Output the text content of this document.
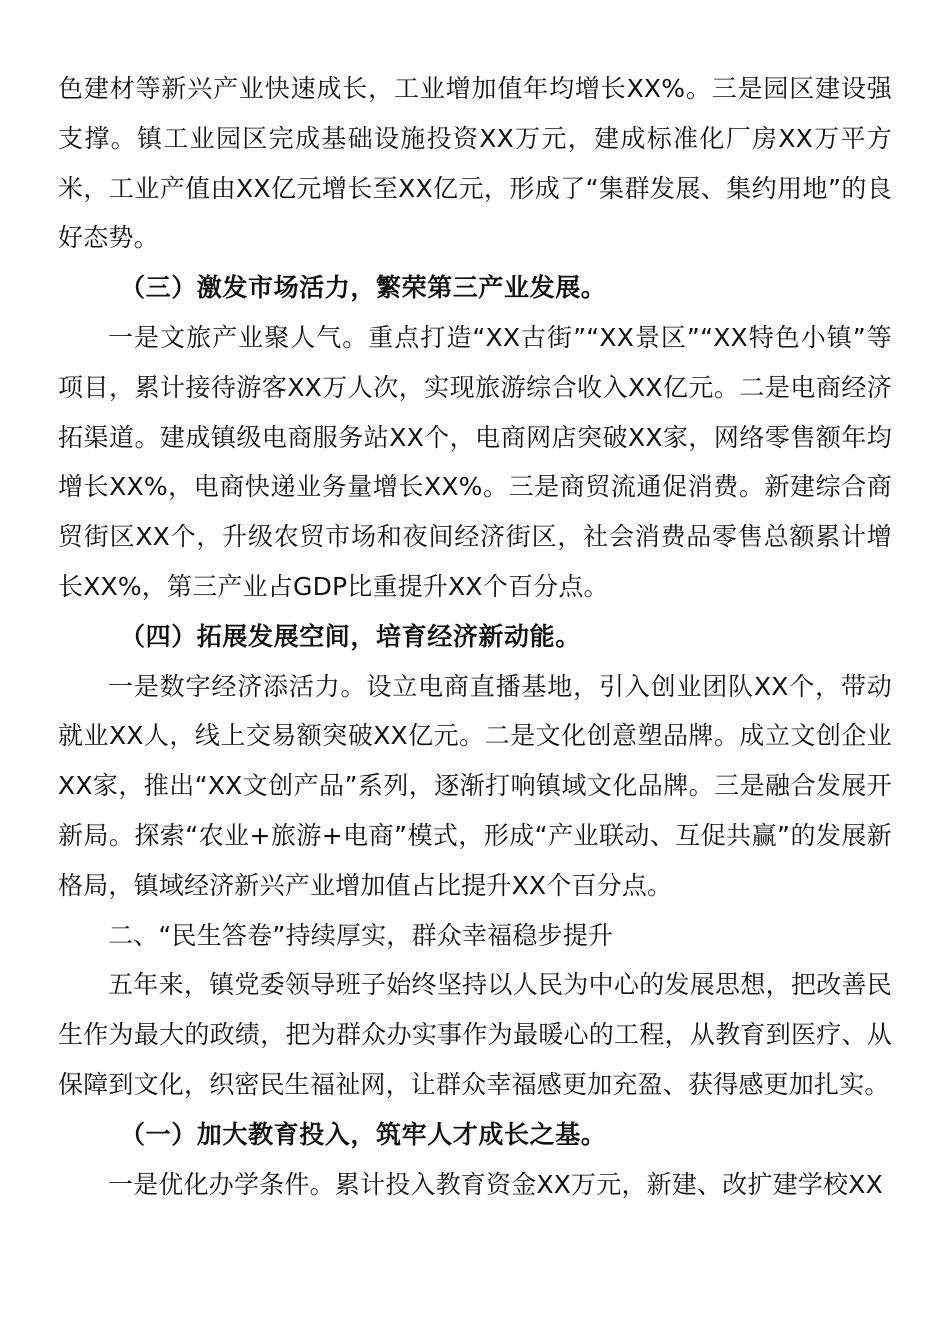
色建材等新兴产业快速成长，工业增加值年均增长XX%。三是园区建设强支撑。镇工业园区完成基础设施投资XX万元，建成标准化厂房XX万平方米，工业产值由XX亿元增长至XX亿元，形成了“集群发展、集约用地”的良好态势。

（三）激发市场活力，繁荣第三产业发展。

一是文旅产业聚人气。重点打造“XX古街”“XX景区”“XX特色小镇”等项目，累计接待游客XX万人次，实现旅游综合收入XX亿元。二是电商经济拓渠道。建成镇级电商服务站XX个，电商网店突破XX家，网络零售额年均增长XX%，电商快递业务量增长XX%。三是商贸流通促消费。新建综合商贸街区XX个，升级农贸市场和夜间经济街区，社会消费品零售总额累计增长XX%，第三产业占GDP比重提升XX个百分点。

（四）拓展发展空间，培育经济新动能。

一是数字经济添活力。设立电商直播基地，引入创业团队XX个，带动就业XX人，线上交易额突破XX亿元。二是文化创意塑品牌。成立文创企业XX家，推出“XX文创产品”系列，逐渐打响镇域文化品牌。三是融合发展开新局。探索“农业+旅游+电商”模式，形成“产业联动、互促共赢”的发展新格局，镇域经济新兴产业增加值占比提升XX个百分点。

二、“民生答卷”持续厚实，群众幸福稳步提升

五年来，镇党委领导班子始终坚持以人民为中心的发展思想，把改善民生作为最大的政绩，把为群众办实事作为最暖心的工程，从教育到医疗、从保障到文化，织密民生福祉网，让群众幸福感更加充盈、获得感更加扎实。

（一）加大教育投入，筑牢人才成长之基。

一是优化办学条件。累计投入教育资金XX万元，新建、改扩建学校XX
